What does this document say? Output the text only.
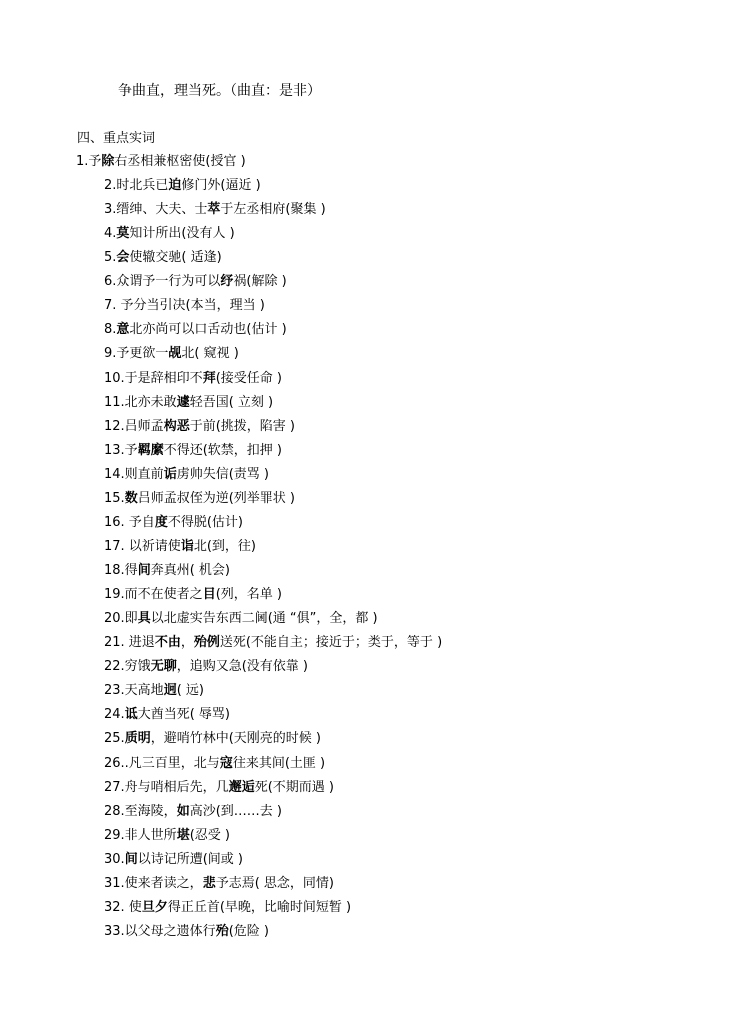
争曲直，理当死。（曲直：是非）
四、重点实词
1.予除右丞相兼枢密使(授官 )
2.时北兵已迫修门外(逼近 )
3.缙绅、大夫、士萃于左丞相府(聚集 )
4.莫知计所出(没有人 )
5.会使辙交驰( 适逢)
6.众谓予一行为可以纾祸(解除 )
7. 予分当引决(本当，理当 )
8.意北亦尚可以口舌动也(估计 )
9.予更欲一觇北( 窥视 )
10.于是辞相印不拜(接受任命 )
11.北亦未敢遽轻吾国( 立刻 )
12.吕师孟构恶于前(挑拨，陷害 )
13.予羁縻不得还(软禁，扣押 )
14.则直前诟虏帅失信(责骂 )
15.数吕师孟叔侄为逆(列举罪状 )
16. 予自度不得脱(估计)
17. 以祈请使诣北(到，往)
18.得间奔真州( 机会)
19.而不在使者之目(列，名单 )
20.即具以北虚实告东西二阃(通 “俱”，全，都 )
21. 进退不由，殆例送死(不能自主；接近于；类于，等于 )
22.穷饿无聊，追购又急(没有依靠 )
23.天高地迥( 远)
24.诋大酋当死( 辱骂)
25.质明，避哨竹林中(天刚亮的时候 )
26..凡三百里，北与寇往来其间(土匪 )
27.舟与哨相后先，几邂逅死(不期而遇 )
28.至海陵，如高沙(到……去 )
29.非人世所堪(忍受 )
30.间以诗记所遭(间或 )
31.使来者读之，悲予志焉( 思念，同情)
32. 使旦夕得正丘首(早晚，比喻时间短暂 )
33.以父母之遗体行殆(危险 )
